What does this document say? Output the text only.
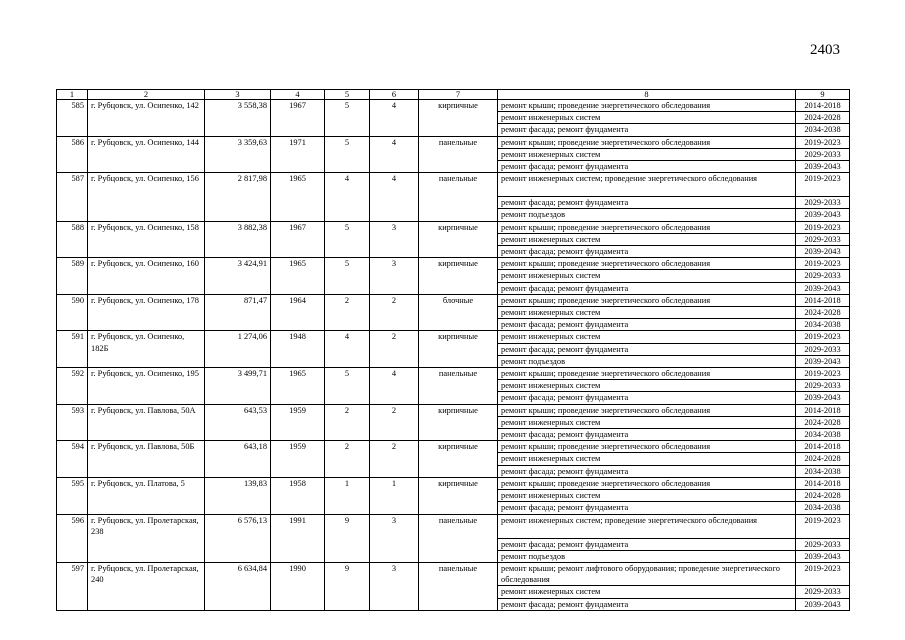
2403
1	2	3	4	5	6	7	8	9
585	г. Рубцовск, ул. Осипенко, 142	3 558,38	1967	5	4	кирпичные	ремонт крыши; проведение энергетического обследования	2014-2018
							ремонт инженерных систем	2024-2028
							ремонт фасада; ремонт фундамента	2034-2038
586	г. Рубцовск, ул. Осипенко, 144	3 359,63	1971	5	4	панельные	ремонт крыши; проведение энергетического обследования	2019-2023
							ремонт инженерных систем	2029-2033
							ремонт фасада; ремонт фундамента	2039-2043
587	г. Рубцовск, ул. Осипенко, 156	2 817,98	1965	4	4	панельные	ремонт инженерных систем; проведение энергетического обследования	2019-2023
							ремонт фасада; ремонт фундамента	2029-2033
							ремонт подъездов	2039-2043
588	г. Рубцовск, ул. Осипенко, 158	3 882,38	1967	5	3	кирпичные	ремонт крыши; проведение энергетического обследования	2019-2023
							ремонт инженерных систем	2029-2033
							ремонт фасада; ремонт фундамента	2039-2043
589	г. Рубцовск, ул. Осипенко, 160	3 424,91	1965	5	3	кирпичные	ремонт крыши; проведение энергетического обследования	2019-2023
							ремонт инженерных систем	2029-2033
							ремонт фасада; ремонт фундамента	2039-2043
590	г. Рубцовск, ул. Осипенко, 178	871,47	1964	2	2	блочные	ремонт крыши; проведение энергетического обследования	2014-2018
							ремонт инженерных систем	2024-2028
							ремонт фасада; ремонт фундамента	2034-2038
591	г. Рубцовск, ул. Осипенко, 182Б	1 274,06	1948	4	2	кирпичные	ремонт инженерных систем	2019-2023
							ремонт фасада; ремонт фундамента	2029-2033
							ремонт подъездов	2039-2043
592	г. Рубцовск, ул. Осипенко, 195	3 499,71	1965	5	4	панельные	ремонт крыши; проведение энергетического обследования	2019-2023
							ремонт инженерных систем	2029-2033
							ремонт фасада; ремонт фундамента	2039-2043
593	г. Рубцовск, ул. Павлова, 50А	643,53	1959	2	2	кирпичные	ремонт крыши; проведение энергетического обследования	2014-2018
							ремонт инженерных систем	2024-2028
							ремонт фасада; ремонт фундамента	2034-2038
594	г. Рубцовск, ул. Павлова, 50Б	643,18	1959	2	2	кирпичные	ремонт крыши; проведение энергетического обследования	2014-2018
							ремонт инженерных систем	2024-2028
							ремонт фасада; ремонт фундамента	2034-2038
595	г. Рубцовск, ул. Платова, 5	139,83	1958	1	1	кирпичные	ремонт крыши; проведение энергетического обследования	2014-2018
							ремонт инженерных систем	2024-2028
							ремонт фасада; ремонт фундамента	2034-2038
596	г. Рубцовск, ул. Пролетарская, 238	6 576,13	1991	9	3	панельные	ремонт инженерных систем; проведение энергетического обследования	2019-2023
							ремонт фасада; ремонт фундамента	2029-2033
							ремонт подъездов	2039-2043
597	г. Рубцовск, ул. Пролетарская, 240	6 634,84	1990	9	3	панельные	ремонт крыши; ремонт лифтового оборудования; проведение энергетического обследования	2019-2023
							ремонт инженерных систем	2029-2033
							ремонт фасада; ремонт фундамента	2039-2043
